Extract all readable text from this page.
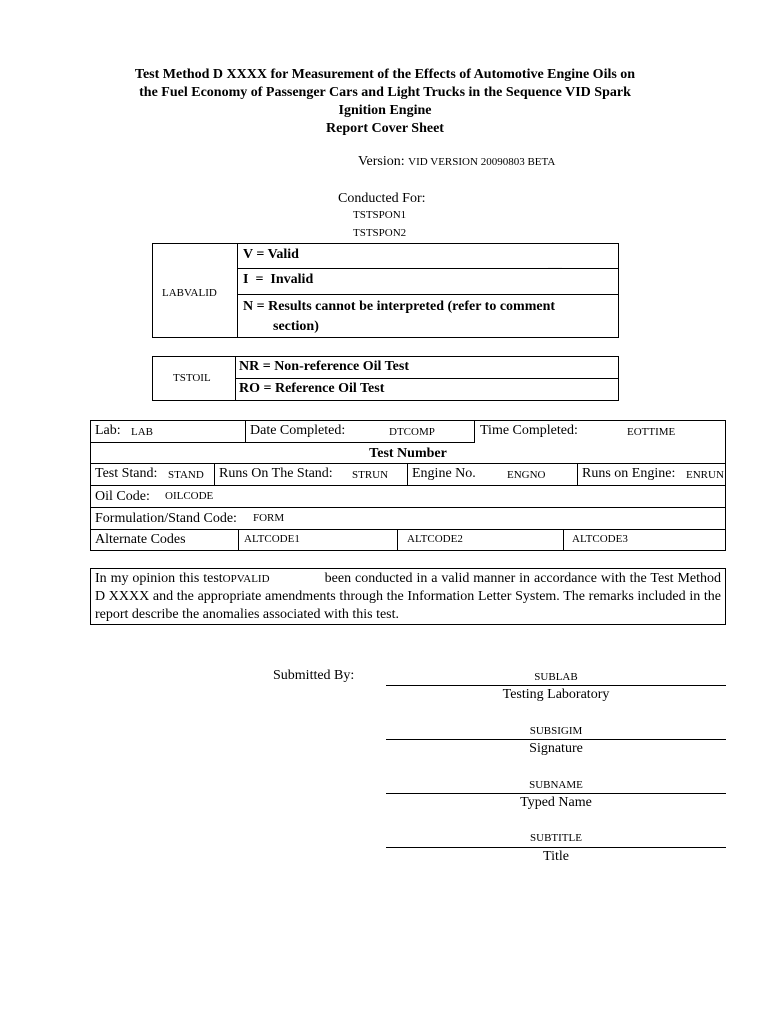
Test Method D XXXX for Measurement of the Effects of Automotive Engine Oils on
the Fuel Economy of Passenger Cars and Light Trucks in the Sequence VID Spark
Ignition Engine
Report Cover Sheet
Version: VID VERSION 20090803 BETA
Conducted For:
TSTSPON1
TSTSPON2
LABVALID
V = Valid
__
I  =  Invalid
N = Results cannot be interpreted (refer to comment
section)
TSTOIL
NR = Non-reference Oil Test
RO = Reference Oil Test
Lab: LAB	Date Completed:	DTCOMP	Time Completed:	EOTTIME
Test Number
Test Stand: STAND Runs On The Stand: STRUN Engine No.	ENGNO	Runs on Engine: ENRUN
Oil Code: OILCODE
Formulation/Stand Code: FORM
Alternate Codes	ALTCODE1	ALTCODE2	ALTCODE3
In my opinion this testOPVALID	been conducted in a valid manner in accordance with the Test Method D XXXX and the appropriate amendments through the Information Letter System. The remarks included in the report describe the anomalies associated with this test.
Submitted By:	SUBLAB
Testing Laboratory
SUBSIGIM
Signature
SUBNAME
Typed Name
SUBTITLE
Title
